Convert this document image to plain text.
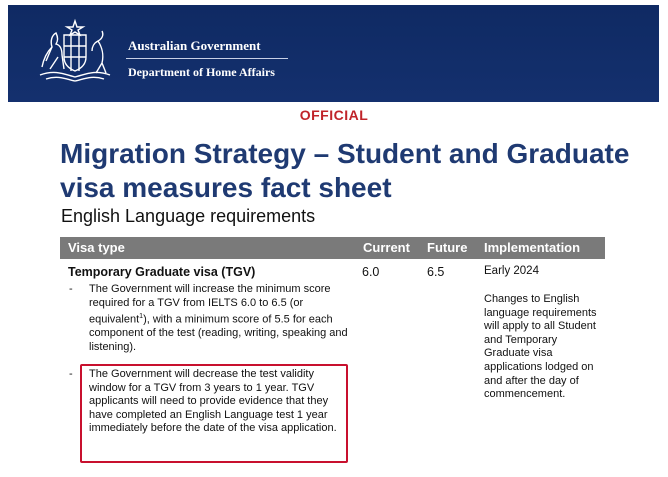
Australian Government
Department of Home Affairs
OFFICIAL
Migration Strategy – Student and Graduate visa measures fact sheet
English Language requirements
Visa type	Current Future Implementation
Temporary Graduate visa (TGV)	6.0	6.5	Early 2024
- The Government will increase the minimum score required for a TGV from IELTS 6.0 to 6.5 (or equivalent$^1$), with a minimum score of 5.5 for each component of the test (reading, writing, speaking and listening).
- The Government will decrease the test validity window for a TGV from 3 years to 1 year. TGV applicants will need to provide evidence that they have completed an English Language test 1 year immediately before the date of the visa application.
Changes to English language requirements will apply to all Student and Temporary Graduate visa applications lodged on and after the day of commencement.
